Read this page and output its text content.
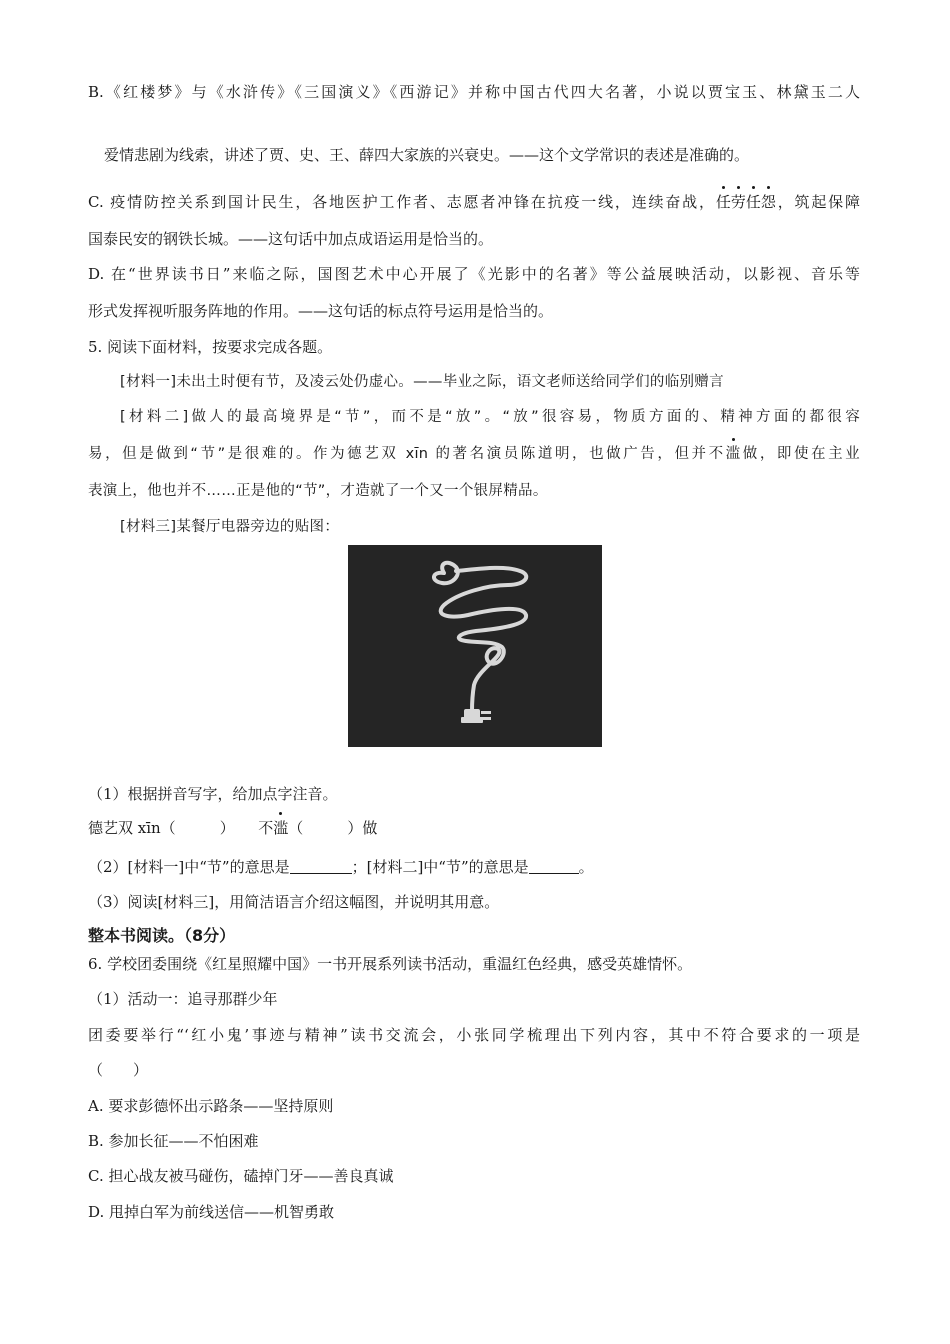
B.《红楼梦》与《水浒传》《三国演义》《西游记》并称中国古代四大名著，小说以贾宝玉、林黛玉二人
爱情悲剧为线索，讲述了贾、史、王、薛四大家族的兴衰史。——这个文学常识的表述是准确的。
C. 疫情防控关系到国计民生，各地医护工作者、志愿者冲锋在抗疫一线，连续奋战，任劳任怨，筑起保障
国泰民安的钢铁长城。——这句话中加点成语运用是恰当的。
D. 在“世界读书日”来临之际，国图艺术中心开展了《光影中的名著》等公益展映活动，以影视、音乐等
形式发挥视听服务阵地的作用。——这句话的标点符号运用是恰当的。
5. 阅读下面材料，按要求完成各题。
[材料一]未出土时便有节，及凌云处仍虚心。——毕业之际，语文老师送给同学们的临别赠言
[材料二]做人的最高境界是“节”，而不是“放”。“放”很容易，物质方面的、精神方面的都很容
易，但是做到“节”是很难的。作为德艺双 xīn 的著名演员陈道明，也做广告，但并不滥做，即使在主业
表演上，他也并不……正是他的“节”，才造就了一个又一个银屏精品。
[材料三]某餐厅电器旁边的贴图：
（1）根据拼音写字，给加点字注音。
德艺双 xīn（	） 不滥（	）做
（2）[材料一]中“节”的意思是	；[材料二]中“节”的意思是	。
（3）阅读[材料三]，用简洁语言介绍这幅图，并说明其用意。
整本书阅读。（8分）
6. 学校团委围绕《红星照耀中国》一书开展系列读书活动，重温红色经典，感受英雄情怀。
（1）活动一：追寻那群少年
团委要举行“‘红小鬼’事迹与精神”读书交流会，小张同学梳理出下列内容，其中不符合要求的一项是
（　　）
A. 要求彭德怀出示路条——坚持原则
B. 参加长征——不怕困难
C. 担心战友被马碰伤，磕掉门牙——善良真诚
D. 甩掉白军为前线送信——机智勇敢
